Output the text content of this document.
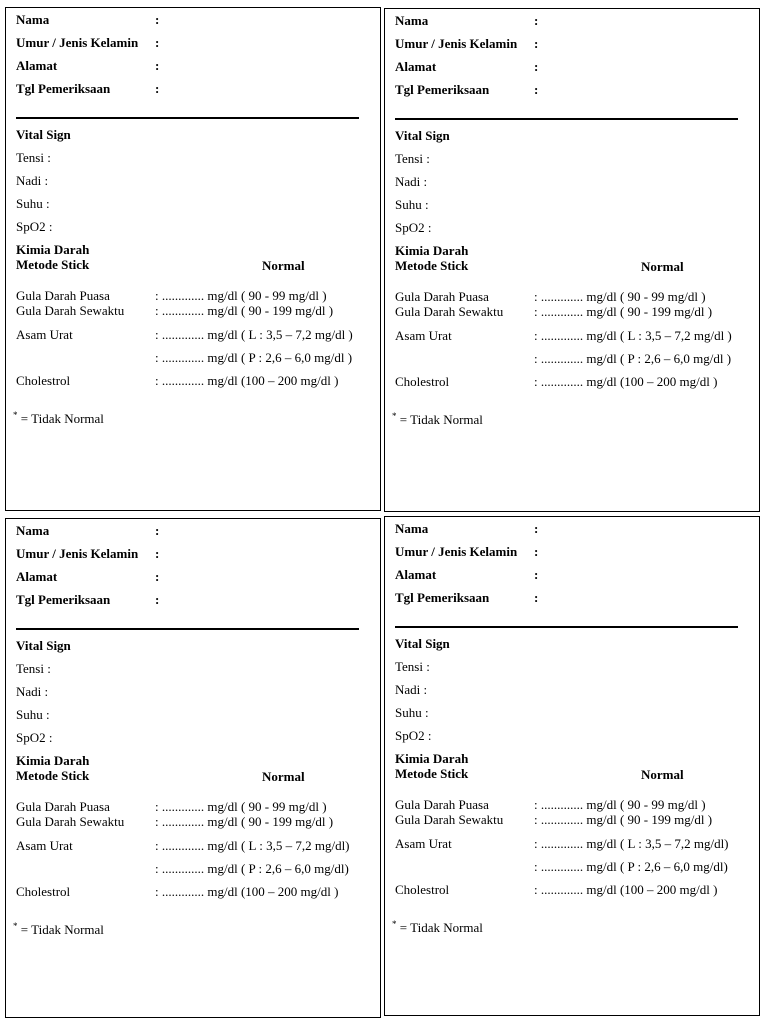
Nama	:
Umur / Jenis Kelamin :
Alamat	:
Tgl Pemeriksaan	:
Vital Sign
Tensi :
Nadi :
Suhu :
SpO2 :
Kimia Darah
Metode Stick	Normal
Gula Darah Puasa	: ............. mg/dl ( 90 - 99 mg/dl )
Gula Darah Sewaktu : ............. mg/dl ( 90 - 199 mg/dl )
Asam Urat	: ............. mg/dl ( L : 3,5 – 7,2 mg/dl )
: ............. mg/dl ( P : 2,6 – 6,0 mg/dl )
Cholestrol	: ............. mg/dl (100 – 200 mg/dl )
* = Tidak Normal
Nama	:
Umur / Jenis Kelamin :
Alamat	:
Tgl Pemeriksaan	:
Vital Sign
Tensi :
Nadi :
Suhu :
SpO2 :
Kimia Darah
Metode Stick	Normal
Gula Darah Puasa	: ............. mg/dl ( 90 - 99 mg/dl )
Gula Darah Sewaktu : ............. mg/dl ( 90 - 199 mg/dl )
Asam Urat	: ............. mg/dl ( L : 3,5 – 7,2 mg/dl )
: ............. mg/dl ( P : 2,6 – 6,0 mg/dl )
Cholestrol	: ............. mg/dl (100 – 200 mg/dl )
* = Tidak Normal
Nama	:
Umur / Jenis Kelamin :
Alamat	:
Tgl Pemeriksaan	:
Vital Sign
Tensi :
Nadi :
Suhu :
SpO2 :
Kimia Darah
Metode Stick	Normal
Gula Darah Puasa	: ............. mg/dl ( 90 - 99 mg/dl )
Gula Darah Sewaktu : ............. mg/dl ( 90 - 199 mg/dl )
Asam Urat	: ............. mg/dl ( L : 3,5 – 7,2 mg/dl)
: ............. mg/dl ( P : 2,6 – 6,0 mg/dl)
Cholestrol	: ............. mg/dl (100 – 200 mg/dl )
* = Tidak Normal
Nama	:
Umur / Jenis Kelamin :
Alamat	:
Tgl Pemeriksaan	:
Vital Sign
Tensi :
Nadi :
Suhu :
SpO2 :
Kimia Darah
Metode Stick	Normal
Gula Darah Puasa	: ............. mg/dl ( 90 - 99 mg/dl )
Gula Darah Sewaktu : ............. mg/dl ( 90 - 199 mg/dl )
Asam Urat	: ............. mg/dl ( L : 3,5 – 7,2 mg/dl)
: ............. mg/dl ( P : 2,6 – 6,0 mg/dl)
Cholestrol	: ............. mg/dl (100 – 200 mg/dl )
* = Tidak Normal
